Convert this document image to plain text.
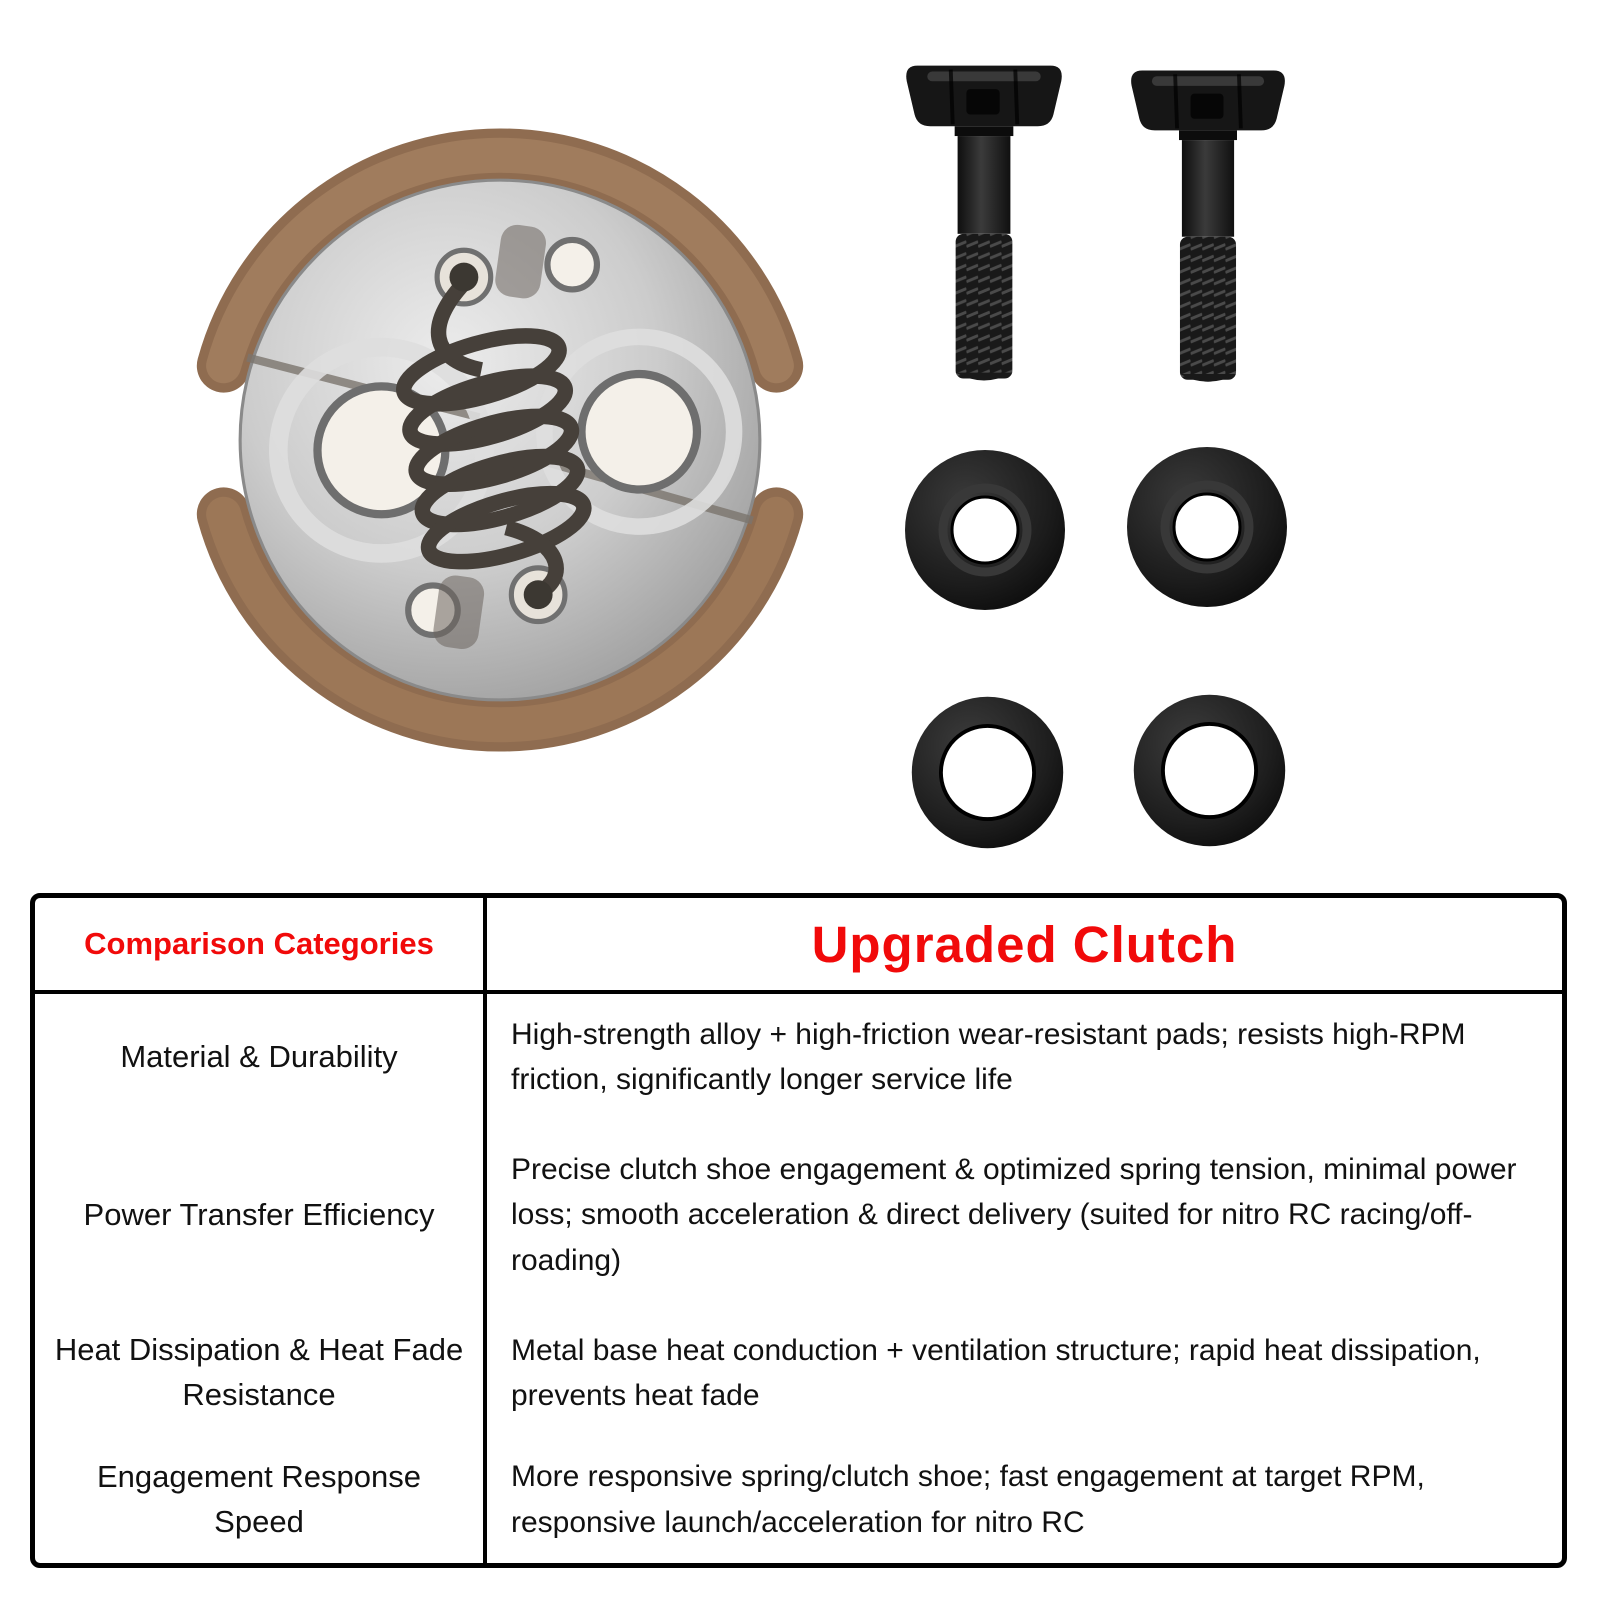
Comparison Categories	Upgraded Clutch
Material & Durability
High-strength alloy + high-friction wear-resistant pads; resists high-RPM friction, significantly longer service life
Power Transfer Efficiency
Precise clutch shoe engagement & optimized spring tension, minimal power loss; smooth acceleration & direct delivery (suited for nitro RC racing/off-roading)
Heat Dissipation & Heat Fade Resistance
Metal base heat conduction + ventilation structure; rapid heat dissipation, prevents heat fade
Engagement Response Speed
More responsive spring/clutch shoe; fast engagement at target RPM, responsive launch/acceleration for nitro RC
